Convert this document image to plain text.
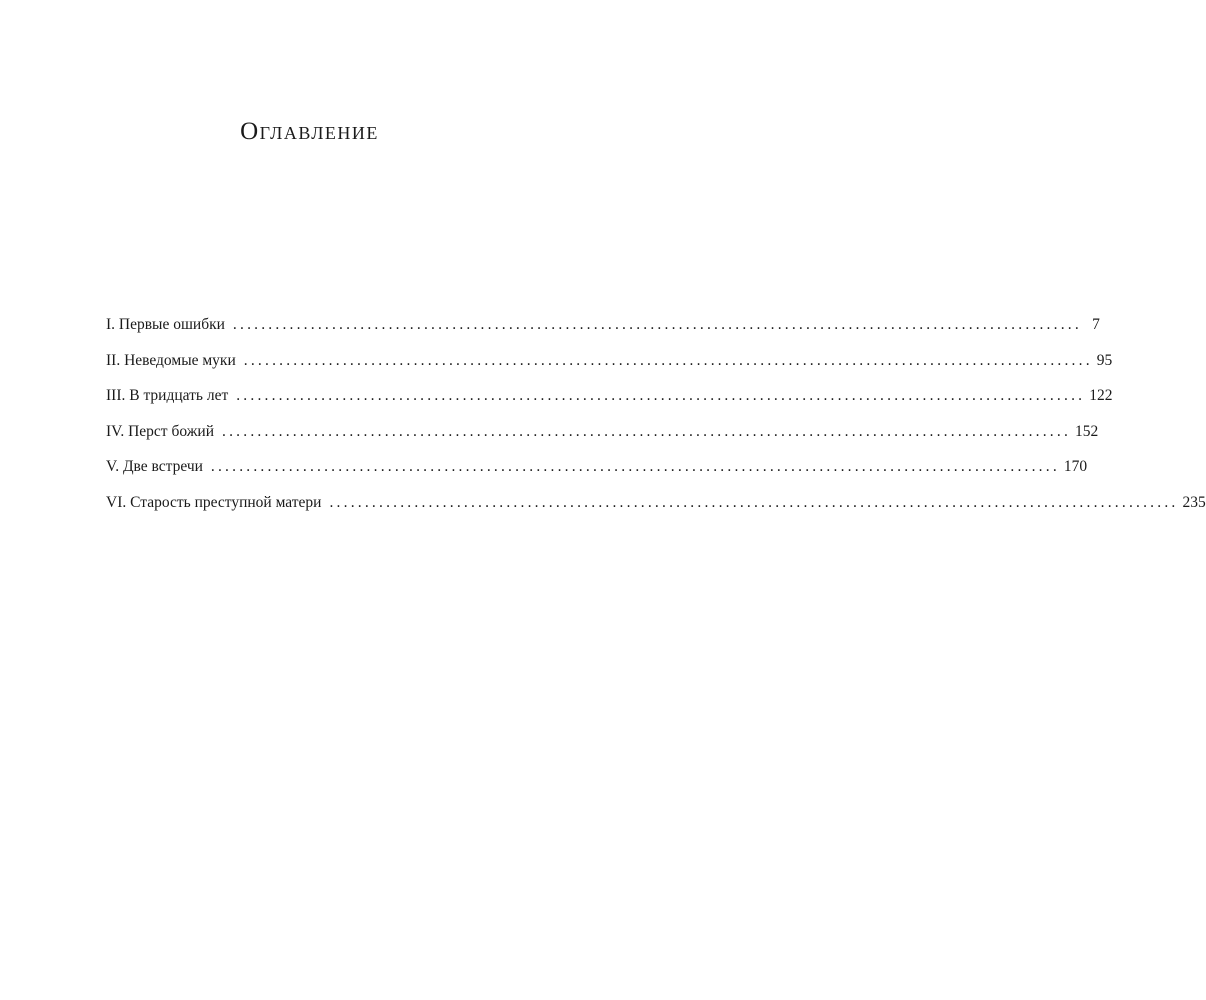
Оглавление
I. Первые ошибки ........................................................................................................................ 7
II. Неведомые муки ........................................................................................................................ 95
III. В тридцать лет ........................................................................................................................ 122
IV. Перст божий ........................................................................................................................ 152
V. Две встречи ........................................................................................................................ 170
VI. Старость преступной матери ........................................................................................................................ 235
